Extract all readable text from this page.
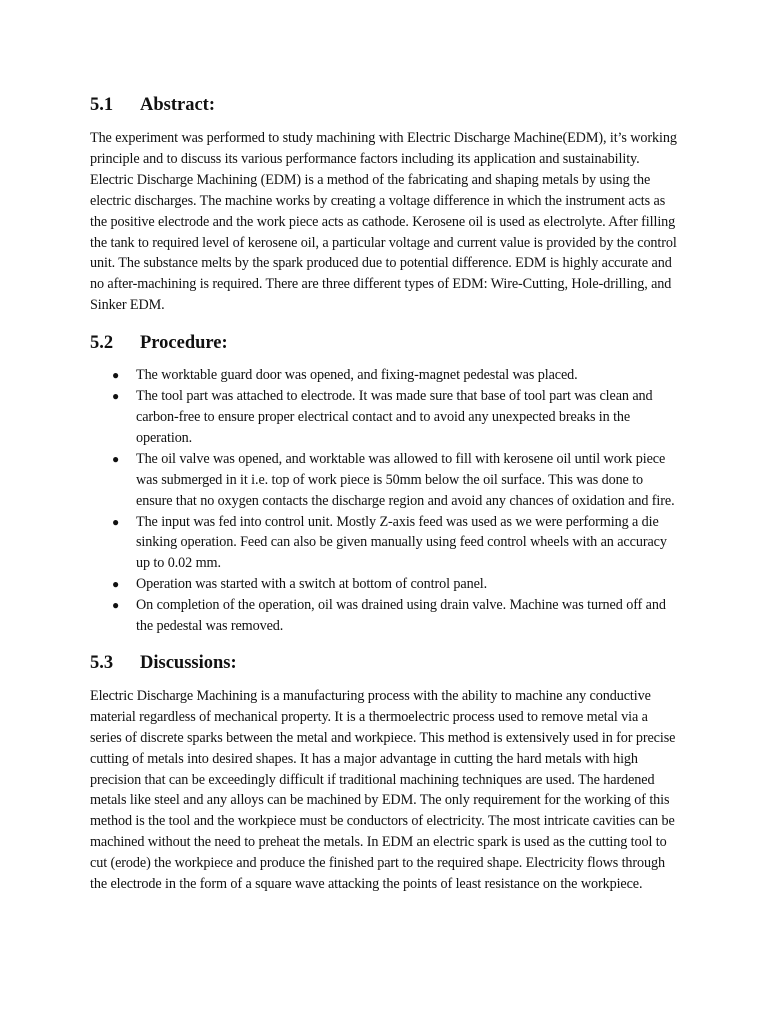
5.1	Abstract:

The experiment was performed to study machining with Electric Discharge Machine(EDM), it’s working principle and to discuss its various performance factors including its application and sustainability. Electric Discharge Machining (EDM) is a method of the fabricating and shaping metals by using the electric discharges. The machine works by creating a voltage difference in which the instrument acts as the positive electrode and the work piece acts as cathode. Kerosene oil is used as electrolyte. After filling the tank to required level of kerosene oil, a particular voltage and current value is provided by the control unit. The substance melts by the spark produced due to potential difference. EDM is highly accurate and no after-machining is required. There are three different types of EDM: Wire-Cutting, Hole-drilling, and Sinker EDM.

5.2	Procedure:
● The worktable guard door was opened, and fixing-magnet pedestal was placed.
● The tool part was attached to electrode. It was made sure that base of tool part was clean and carbon-free to ensure proper electrical contact and to avoid any unexpected breaks in the operation.
● The oil valve was opened, and worktable was allowed to fill with kerosene oil until work piece was submerged in it i.e. top of work piece is 50mm below the oil surface. This was done to ensure that no oxygen contacts the discharge region and avoid any chances of oxidation and fire.
● The input was fed into control unit. Mostly Z-axis feed was used as we were performing a die sinking operation. Feed can also be given manually using feed control wheels with an accuracy up to 0.02 mm.
● Operation was started with a switch at bottom of control panel.
● On completion of the operation, oil was drained using drain valve. Machine was turned off and the pedestal was removed.
5.3	Discussions:

Electric Discharge Machining is a manufacturing process with the ability to machine any conductive material regardless of mechanical property. It is a thermoelectric process used to remove metal via a series of discrete sparks between the metal and workpiece. This method is extensively used in for precise cutting of metals into desired shapes. It has a major advantage in cutting the hard metals with high precision that can be exceedingly difficult if traditional machining techniques are used. The hardened metals like steel and any alloys can be machined by EDM. The only requirement for the working of this method is the tool and the workpiece must be conductors of electricity. The most intricate cavities can be machined without the need to preheat the metals. In EDM an electric spark is used as the cutting tool to cut (erode) the workpiece and produce the finished part to the required shape. Electricity flows through the electrode in the form of a square wave attacking the points of least resistance on the workpiece.
